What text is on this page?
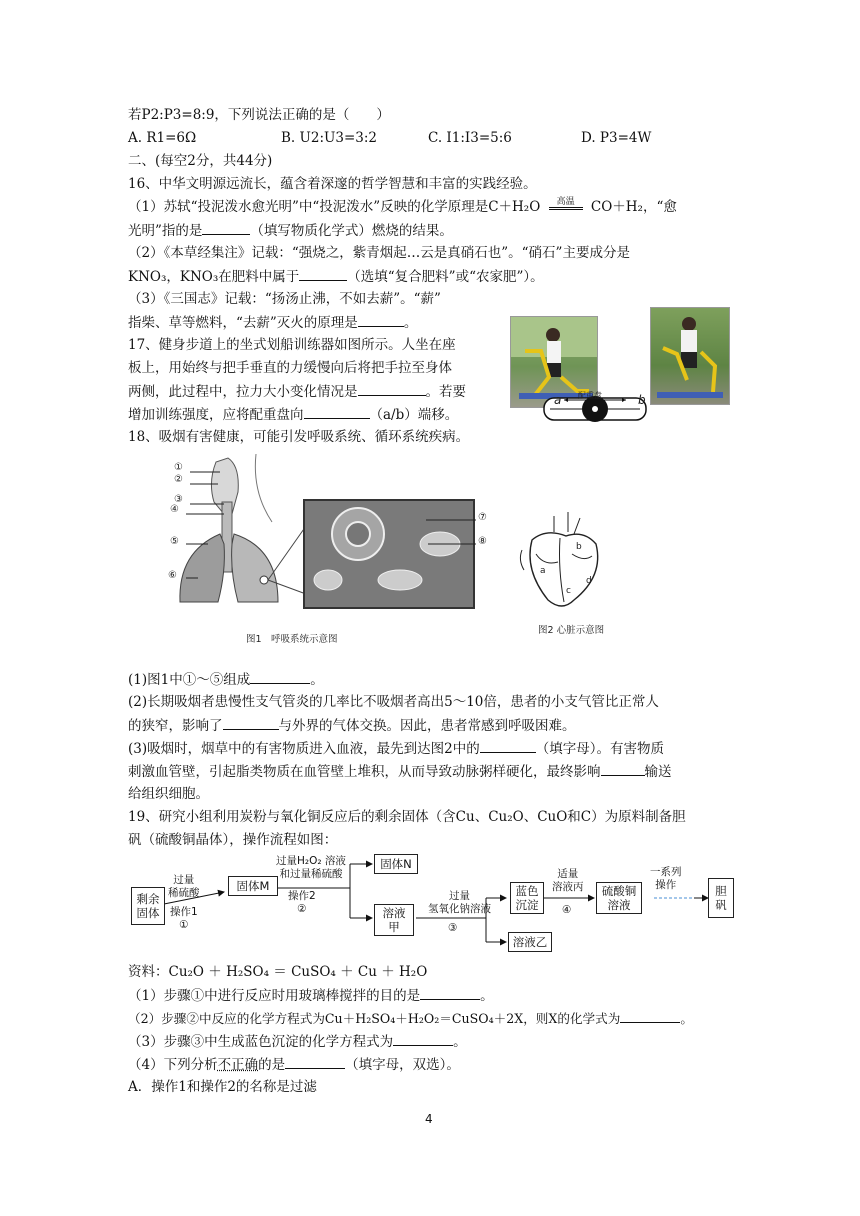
若P2:P3=8:9，下列说法正确的是（　　）
A. R1=6Ω	B. U2:U3=3:2	C. I1:I3=5:6	D. P3=4W
二、(每空2分，共44分)
16、中华文明源远流长，蕴含着深邃的哲学智慧和丰富的实践经验。
（1）苏轼“投泥泼水愈光明”中“投泥泼水”反映的化学原理是C＋H₂O 高温 CO＋H₂，“愈
光明”指的是	（填写物质化学式）燃烧的结果。
（2）《本草经集注》记载：“强烧之，紫青烟起…云是真硝石也”。“硝石”主要成分是
KNO₃，KNO₃在肥料中属于	（选填“复合肥料”或“农家肥”）。
（3）《三国志》记载：“扬汤止沸，不如去薪”。“薪”
指柴、草等燃料，“去薪”灭火的原理是	。
17、健身步道上的坐式划船训练器如图所示。人坐在座
板上，用始终与把手垂直的力缓慢向后将把手拉至身体
两侧，此过程中，拉力大小变化情况是	。若要
增加训练强度，应将配重盘向	（a/b）端移。
a	b
配重盘
18、吸烟有害健康，可能引发呼吸系统、循环系统疾病。
①
②
③
④
⑤
⑥
⑦
⑧
图1　呼吸系统示意图
a
b
c
d
图2 心脏示意图
(1)图1中①～⑤组成	。
(2)长期吸烟者患慢性支气管炎的几率比不吸烟者高出5～10倍，患者的小支气管比正常人
的狭窄，影响了	与外界的气体交换。因此，患者常感到呼吸困难。
(3)吸烟时，烟草中的有害物质进入血液，最先到达图2中的	（填字母）。有害物质
刺激血管壁，引起脂类物质在血管壁上堆积，从而导致动脉粥样硬化，最终影响	输送
给组织细胞。
19、研究小组利用炭粉与氧化铜反应后的剩余固体（含Cu、Cu₂O、CuO和C）为原料制备胆
矾（硫酸铜晶体），操作流程如图：
剩余
固体
过量
稀硫酸
操作1
①
固体M
过量H₂O₂ 溶液
和过量稀硫酸
操作2
②
固体N
溶液
甲
过量
氢氧化钠溶液
③
蓝色
沉淀
溶液乙
适量
溶液丙
④
硫酸铜
溶液
一系列
操作	胆
矾
资料：Cu₂O ＋ H₂SO₄ ＝ CuSO₄ ＋ Cu ＋ H₂O
（1）步骤①中进行反应时用玻璃棒搅拌的目的是	。
（2）步骤②中反应的化学方程式为Cu＋H₂SO₄＋H₂O₂＝CuSO₄＋2X，则X的化学式为	。
（3）步骤③中生成蓝色沉淀的化学方程式为	。
（4）下列分析不正确的是	（填字母，双选）。
A．操作1和操作2的名称是过滤
4
